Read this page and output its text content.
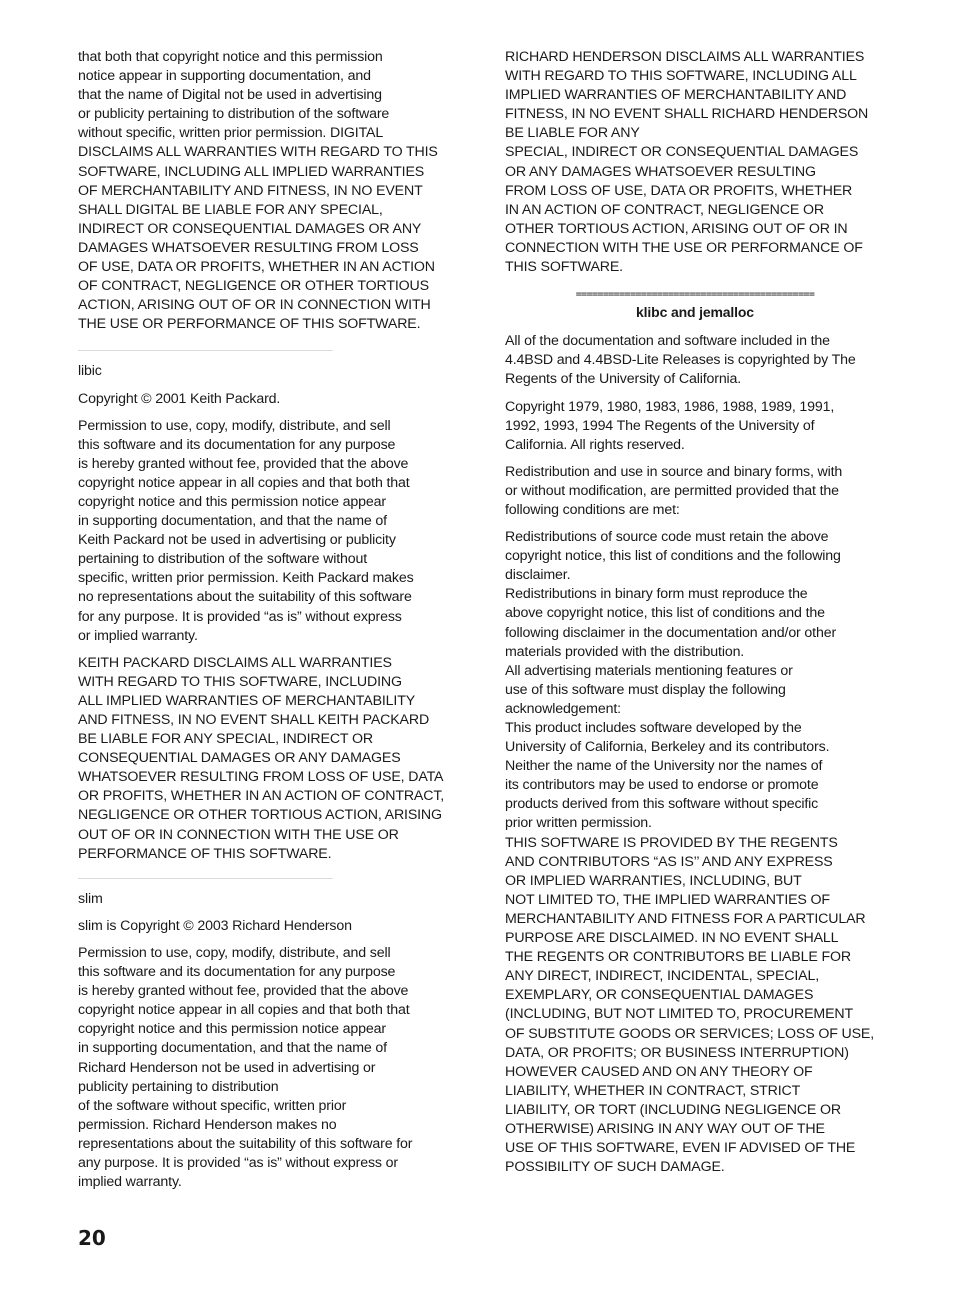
that both that copyright notice and this permission
notice appear in supporting documentation, and
that the name of Digital not be used in advertising
or publicity pertaining to distribution of the software
without specific, written prior permission. DIGITAL
DISCLAIMS ALL WARRANTIES WITH REGARD TO THIS
SOFTWARE, INCLUDING ALL IMPLIED WARRANTIES
OF MERCHANTABILITY AND FITNESS, IN NO EVENT
SHALL DIGITAL BE LIABLE FOR ANY SPECIAL,
INDIRECT OR CONSEQUENTIAL DAMAGES OR ANY
DAMAGES WHATSOEVER RESULTING FROM LOSS
OF USE, DATA OR PROFITS, WHETHER IN AN ACTION
OF CONTRACT, NEGLIGENCE OR OTHER TORTIOUS
ACTION, ARISING OUT OF OR IN CONNECTION WITH
THE USE OR PERFORMANCE OF THIS SOFTWARE.

_______________________________________________

libic

Copyright © 2001 Keith Packard.

Permission to use, copy, modify, distribute, and sell
this software and its documentation for any purpose
is hereby granted without fee, provided that the above
copyright notice appear in all copies and that both that
copyright notice and this permission notice appear
in supporting documentation, and that the name of
Keith Packard not be used in advertising or publicity
pertaining to distribution of the software without
specific, written prior permission. Keith Packard makes
no representations about the suitability of this software
for any purpose. It is provided “as is” without express
or implied warranty.

KEITH PACKARD DISCLAIMS ALL WARRANTIES
WITH REGARD TO THIS SOFTWARE, INCLUDING
ALL IMPLIED WARRANTIES OF MERCHANTABILITY
AND FITNESS, IN NO EVENT SHALL KEITH PACKARD
BE LIABLE FOR ANY SPECIAL, INDIRECT OR
CONSEQUENTIAL DAMAGES OR ANY DAMAGES
WHATSOEVER RESULTING FROM LOSS OF USE, DATA
OR PROFITS, WHETHER IN AN ACTION OF CONTRACT,
NEGLIGENCE OR OTHER TORTIOUS ACTION, ARISING
OUT OF OR IN CONNECTION WITH THE USE OR
PERFORMANCE OF THIS SOFTWARE.

_______________________________________________

slim

slim is Copyright © 2003 Richard Henderson

Permission to use, copy, modify, distribute, and sell
this software and its documentation for any purpose
is hereby granted without fee, provided that the above
copyright notice appear in all copies and that both that
copyright notice and this permission notice appear
in supporting documentation, and that the name of
Richard Henderson not be used in advertising or
publicity pertaining to distribution
of the software without specific, written prior
permission. Richard Henderson makes no
representations about the suitability of this software for
any purpose. It is provided “as is” without express or
implied warranty.

RICHARD HENDERSON DISCLAIMS ALL WARRANTIES
WITH REGARD TO THIS SOFTWARE, INCLUDING ALL
IMPLIED WARRANTIES OF MERCHANTABILITY AND
FITNESS, IN NO EVENT SHALL RICHARD HENDERSON
BE LIABLE FOR ANY
SPECIAL, INDIRECT OR CONSEQUENTIAL DAMAGES
OR ANY DAMAGES WHATSOEVER RESULTING
FROM LOSS OF USE, DATA OR PROFITS, WHETHER
IN AN ACTION OF CONTRACT, NEGLIGENCE OR
OTHER TORTIOUS ACTION, ARISING OUT OF OR IN
CONNECTION WITH THE USE OR PERFORMANCE OF
THIS SOFTWARE.

============================================
klibc and jemalloc

All of the documentation and software included in the
4.4BSD and 4.4BSD-Lite Releases is copyrighted by The
Regents of the University of California.

Copyright 1979, 1980, 1983, 1986, 1988, 1989, 1991,
1992, 1993, 1994 The Regents of the University of
California. All rights reserved.

Redistribution and use in source and binary forms, with
or without modification, are permitted provided that the
following conditions are met:

Redistributions of source code must retain the above
copyright notice, this list of conditions and the following
disclaimer.

Redistributions in binary form must reproduce the
above copyright notice, this list of conditions and the
following disclaimer in the documentation and/or other
materials provided with the distribution.

All advertising materials mentioning features or
use of this software must display the following
acknowledgement:

This product includes software developed by the
University of California, Berkeley and its contributors.

Neither the name of the University nor the names of
its contributors may be used to endorse or promote
products derived from this software without specific
prior written permission.

THIS SOFTWARE IS PROVIDED BY THE REGENTS
AND CONTRIBUTORS “AS IS’’ AND ANY EXPRESS
OR IMPLIED WARRANTIES, INCLUDING, BUT
NOT LIMITED TO, THE IMPLIED WARRANTIES OF
MERCHANTABILITY AND FITNESS FOR A PARTICULAR
PURPOSE ARE DISCLAIMED. IN NO EVENT SHALL
THE REGENTS OR CONTRIBUTORS BE LIABLE FOR
ANY DIRECT, INDIRECT, INCIDENTAL, SPECIAL,
EXEMPLARY, OR CONSEQUENTIAL DAMAGES
(INCLUDING, BUT NOT LIMITED TO, PROCUREMENT
OF SUBSTITUTE GOODS OR SERVICES; LOSS OF USE,
DATA, OR PROFITS; OR BUSINESS INTERRUPTION)
HOWEVER CAUSED AND ON ANY THEORY OF
LIABILITY, WHETHER IN CONTRACT, STRICT
LIABILITY, OR TORT (INCLUDING NEGLIGENCE OR
OTHERWISE) ARISING IN ANY WAY OUT OF THE
USE OF THIS SOFTWARE, EVEN IF ADVISED OF THE
POSSIBILITY OF SUCH DAMAGE.

20
